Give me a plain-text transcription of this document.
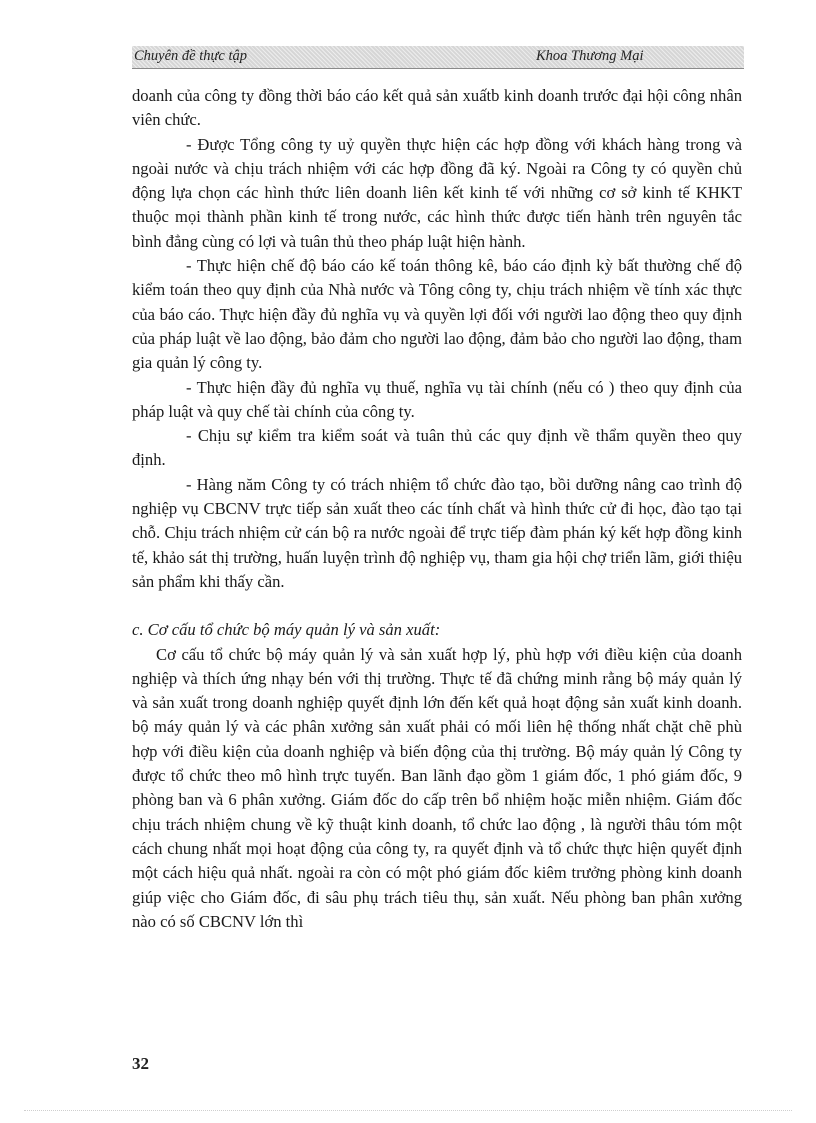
Chuyên đề thực tập	Khoa Thương Mại

doanh của công ty đồng thời báo cáo kết quả sản xuấtb kinh doanh trước đại hội công nhân viên chức.

- Được Tổng công ty uỷ quyền thực hiện các hợp đồng với khách hàng trong và ngoài nước và chịu trách nhiệm với các hợp đồng đã ký. Ngoài ra Công ty có quyền chủ động lựa chọn các hình thức liên doanh liên kết kinh tế với những cơ sở kinh tế KHKT thuộc mọi thành phần kinh tế trong nước, các hình thức được tiến hành trên nguyên tắc bình đẳng cùng có lợi và tuân thủ theo pháp luật hiện hành.

- Thực hiện chế độ báo cáo kế toán thông kê, báo cáo định kỳ bất thường chế độ kiểm toán theo quy định của Nhà nước và Tông công ty, chịu trách nhiệm về tính xác thực của báo cáo. Thực hiện đầy đủ nghĩa vụ và quyền lợi đối với người lao động theo quy định của pháp luật về lao động, bảo đảm cho người lao động, đảm bảo cho người lao động, tham gia quản lý công ty.

- Thực hiện đầy đủ nghĩa vụ thuế, nghĩa vụ tài chính (nếu có ) theo quy định của pháp luật và quy chế tài chính của công ty.

- Chịu sự kiểm tra kiểm soát và tuân thủ các quy định về thẩm quyền theo quy định.

- Hàng năm Công ty có trách nhiệm tổ chức đào tạo, bồi dưỡng nâng cao trình độ nghiệp vụ CBCNV trực tiếp sản xuất theo các tính chất và hình thức cử đi học, đào tạo tại chỗ. Chịu trách nhiệm cử cán bộ ra nước ngoài để trực tiếp đàm phán ký kết hợp đồng kinh tế, khảo sát thị trường, huấn luyện trình độ nghiệp vụ, tham gia hội chợ triển lãm, giới thiệu sản phẩm khi thấy cần.

c. Cơ cấu tổ chức bộ máy quản lý và sản xuất:

Cơ cấu tổ chức bộ máy quản lý và sản xuất hợp lý, phù hợp với điều kiện của doanh nghiệp và thích ứng nhạy bén với thị trường. Thực tế đã chứng minh rằng bộ máy quản lý và sản xuất trong doanh nghiệp quyết định lớn đến kết quả hoạt động sản xuất kinh doanh. bộ máy quản lý và các phân xưởng sản xuất phải có mối liên hệ thống nhất chặt chẽ phù hợp với điều kiện của doanh nghiệp và biến động của thị trường. Bộ máy quản lý Công ty được tổ chức theo mô hình trực tuyến. Ban lãnh đạo gồm 1 giám đốc, 1 phó giám đốc, 9 phòng ban và 6 phân xưởng. Giám đốc do cấp trên bổ nhiệm hoặc miễn nhiệm. Giám đốc chịu trách nhiệm chung về kỹ thuật kinh doanh, tổ chức lao động , là người thâu tóm một cách chung nhất mọi hoạt động của công ty, ra quyết định và tổ chức thực hiện quyết định một cách hiệu quả nhất. ngoài ra còn có một phó giám đốc kiêm trưởng phòng kinh doanh giúp việc cho Giám đốc, đi sâu phụ trách tiêu thụ, sản xuất. Nếu phòng ban phân xưởng nào có số CBCNV lớn thì

32
